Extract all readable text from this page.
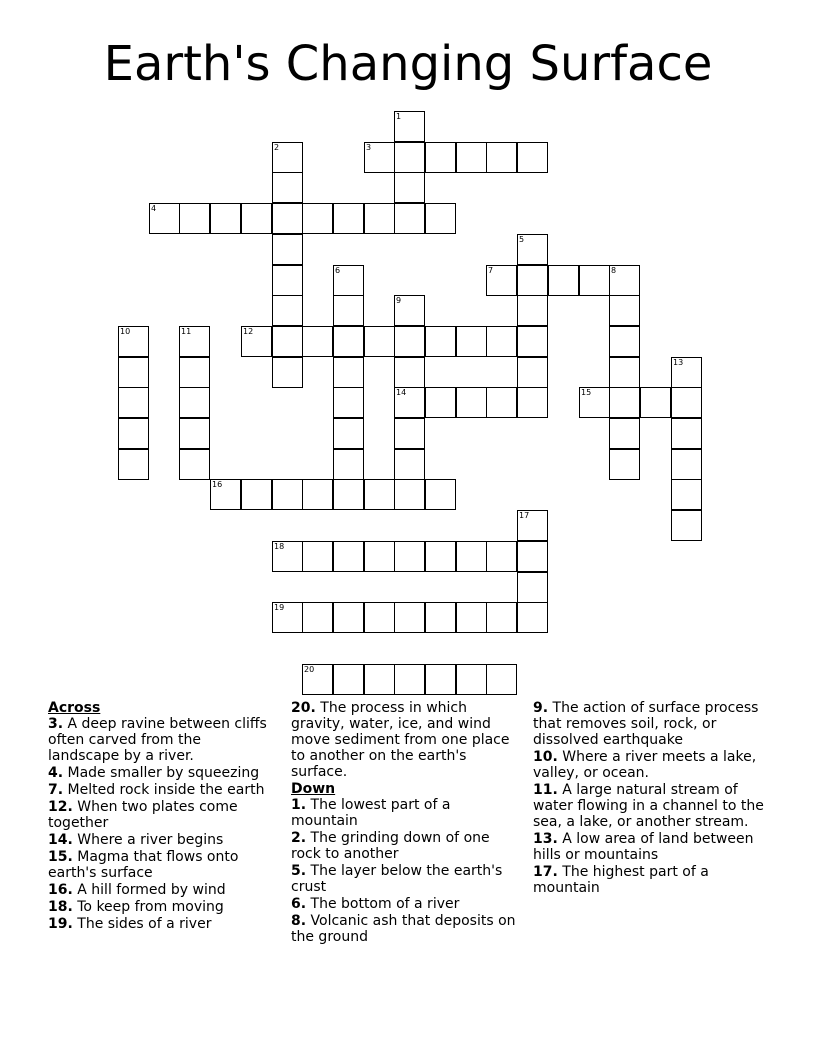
Earth's Changing Surface
1
2	3
4
5
6	7	8
9
14
10	11	12
13
15
16
17
18
19
20
Across
3. A deep ravine between cliffs often carved from the landscape by a river.
4. Made smaller by squeezing
7. Melted rock inside the earth
12. When two plates come together
14. Where a river begins
15. Magma that flows onto earth's surface
16. A hill formed by wind
18. To keep from moving
19. The sides of a river
20. The process in which gravity, water, ice, and wind move sediment from one place to another on the earth's surface.
Down
1. The lowest part of a mountain
2. The grinding down of one rock to another
5. The layer below the earth's crust
6. The bottom of a river
8. Volcanic ash that deposits on the ground
9. The action of surface process that removes soil, rock, or dissolved earthquake
10. Where a river meets a lake, valley, or ocean.
11. A large natural stream of water flowing in a channel to the sea, a lake, or another stream.
13. A low area of land between hills or mountains
17. The highest part of a mountain
